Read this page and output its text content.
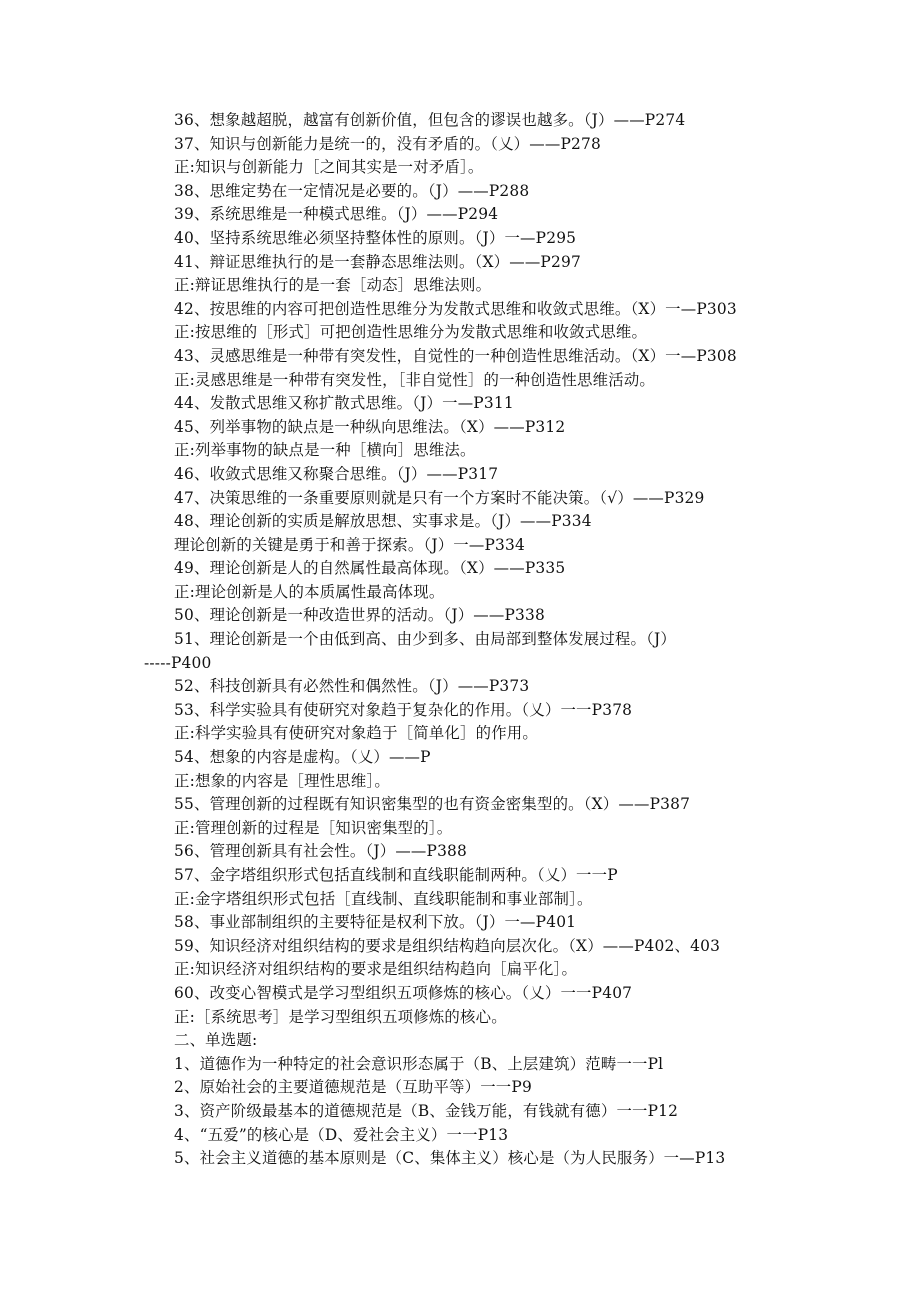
36、想象越超脱，越富有创新价值，但包含的谬误也越多。（J）——P274
37、知识与创新能力是统一的，没有矛盾的。（乂）——P278
正:知识与创新能力［之间其实是一对矛盾］。
38、思维定势在一定情况是必要的。（J）——P288
39、系统思维是一种模式思维。（J）——P294
40、坚持系统思维必须坚持整体性的原则。（J）一—P295
41、辩证思维执行的是一套静态思维法则。（X）——P297
正:辩证思维执行的是一套［动态］思维法则。
42、按思维的内容可把创造性思维分为发散式思维和收敛式思维。（X）一—P303
正:按思维的［形式］可把创造性思维分为发散式思维和收敛式思维。
43、灵感思维是一种带有突发性，自觉性的一种创造性思维活动。（X）一—P308
正:灵感思维是一种带有突发性，［非自觉性］的一种创造性思维活动。
44、发散式思维又称扩散式思维。（J）一—P311
45、列举事物的缺点是一种纵向思维法。（X）——P312
正:列举事物的缺点是一种［横向］思维法。
46、收敛式思维又称聚合思维。（J）——P317
47、决策思维的一条重要原则就是只有一个方案时不能决策。（√）——P329
48、理论创新的实质是解放思想、实事求是。（J）——P334
理论创新的关键是勇于和善于探索。（J）一—P334
49、理论创新是人的自然属性最高体现。（X）——P335
正:理论创新是人的本质属性最高体现。
50、理论创新是一种改造世界的活动。（J）——P338
51、理论创新是一个由低到高、由少到多、由局部到整体发展过程。（J）
-----P400
52、科技创新具有必然性和偶然性。（J）——P373
53、科学实验具有使研究对象趋于复杂化的作用。（乂）一一P378
正:科学实验具有使研究对象趋于［简单化］的作用。
54、想象的内容是虚构。（乂）——P
正:想象的内容是［理性思维］。
55、管理创新的过程既有知识密集型的也有资金密集型的。（X）——P387
正:管理创新的过程是［知识密集型的］。
56、管理创新具有社会性。（J）——P388
57、金字塔组织形式包括直线制和直线职能制两种。（乂）一一P
正:金字塔组织形式包括［直线制、直线职能制和事业部制］。
58、事业部制组织的主要特征是权利下放。（J）一—P401
59、知识经济对组织结构的要求是组织结构趋向层次化。（X）——P402、403
正:知识经济对组织结构的要求是组织结构趋向［扁平化］。
60、改变心智模式是学习型组织五项修炼的核心。（乂）一一P407
正:［系统思考］是学习型组织五项修炼的核心。
二、单选题:
1、道德作为一种特定的社会意识形态属于（B、上层建筑）范畴一一Pl
2、原始社会的主要道德规范是（互助平等）一一P9
3、资产阶级最基本的道德规范是（B、金钱万能，有钱就有德）一一P12
4、“五爱”的核心是（D、爱社会主义）一一P13
5、社会主义道德的基本原则是（C、集体主义）核心是（为人民服务）一—P13
